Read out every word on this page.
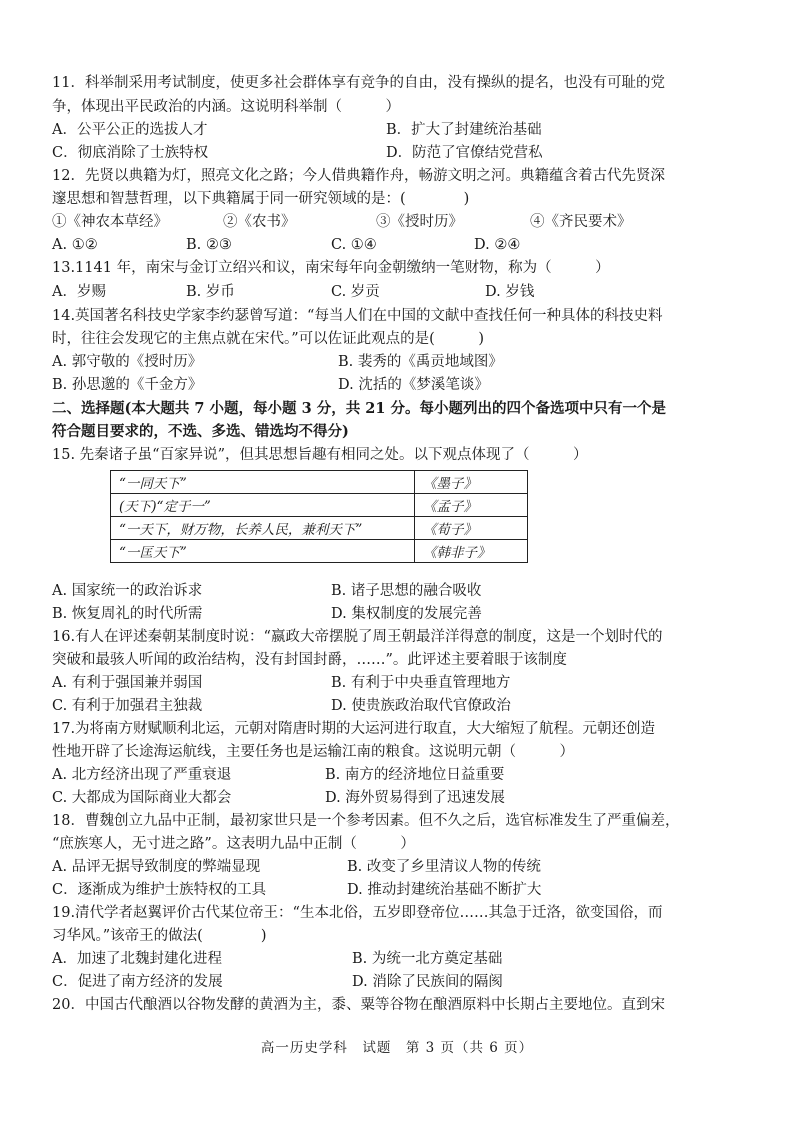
11．科举制采用考试制度，使更多社会群体享有竞争的自由，没有操纵的提名，也没有可耻的党
争，体现出平民政治的内涵。这说明科举制（　　　）
A．公平公正的选拔人才	B．扩大了封建统治基础
C．彻底消除了士族特权	D．防范了官僚结党营私
12．先贤以典籍为灯，照亮文化之路；今人借典籍作舟，畅游文明之河。典籍蕴含着古代先贤深
邃思想和智慧哲理，以下典籍属于同一研究领域的是：(　　　　)
①《神农本草经》	②《农书》	③《授时历》	④《齐民要术》
A. ①②	B. ②③	C. ①④	D. ②④
13.1141 年，南宋与金订立绍兴和议，南宋每年向金朝缴纳一笔财物，称为（　　　）
A．岁赐	B. 岁币	C. 岁贡	D. 岁钱
14.英国著名科技史学家李约瑟曾写道：“每当人们在中国的文献中查找任何一种具体的科技史料
时，往往会发现它的主焦点就在宋代。”可以佐证此观点的是(　　　)
A. 郭守敬的《授时历》	B. 裴秀的《禹贡地域图》
B. 孙思邈的《千金方》	D. 沈括的《梦溪笔谈》
二、选择题(本大题共 7 小题，每小题 3 分，共 21 分。每小题列出的四个备选项中只有一个是
符合题目要求的，不选、多选、错选均不得分)
15. 先秦诸子虽“百家异说”，但其思想旨趣有相同之处。以下观点体现了（　　　）
“一同天下”	《墨子》
(天下)“定于一”	《孟子》
“一天下，财万物，长养人民，兼利天下”	《荀子》
“一匡天下”	《韩非子》
A. 国家统一的政治诉求	B. 诸子思想的融合吸收
B. 恢复周礼的时代所需	D. 集权制度的发展完善
16.有人在评述秦朝某制度时说：“嬴政大帝摆脱了周王朝最洋洋得意的制度，这是一个划时代的
突破和最骇人听闻的政治结构，没有封国封爵，……”。此评述主要着眼于该制度
A. 有利于强国兼并弱国	B. 有利于中央垂直管理地方
C. 有利于加强君主独裁	D. 使贵族政治取代官僚政治
17.为将南方财赋顺利北运，元朝对隋唐时期的大运河进行取直，大大缩短了航程。元朝还创造
性地开辟了长途海运航线，主要任务也是运输江南的粮食。这说明元朝（　　　）
A. 北方经济出现了严重衰退	B. 南方的经济地位日益重要
C. 大都成为国际商业大都会	D. 海外贸易得到了迅速发展
18．曹魏创立九品中正制，最初家世只是一个参考因素。但不久之后，选官标准发生了严重偏差，
“庶族寒人，无寸进之路”。这表明九品中正制（　　　）
A. 品评无据导致制度的弊端显现	B. 改变了乡里清议人物的传统
C．逐渐成为维护士族特权的工具	D. 推动封建统治基础不断扩大
19.清代学者赵翼评价古代某位帝王：“生本北俗，五岁即登帝位……其急于迁洛，欲变国俗，而
习华风。”该帝王的做法(　　　　)
A．加速了北魏封建化进程	B. 为统一北方奠定基础
C．促进了南方经济的发展	D. 消除了民族间的隔阂
20．中国古代酿酒以谷物发酵的黄酒为主，黍、粟等谷物在酿酒原料中长期占主要地位。直到宋
高一历史学科　试题　第 3 页（共 6 页）
